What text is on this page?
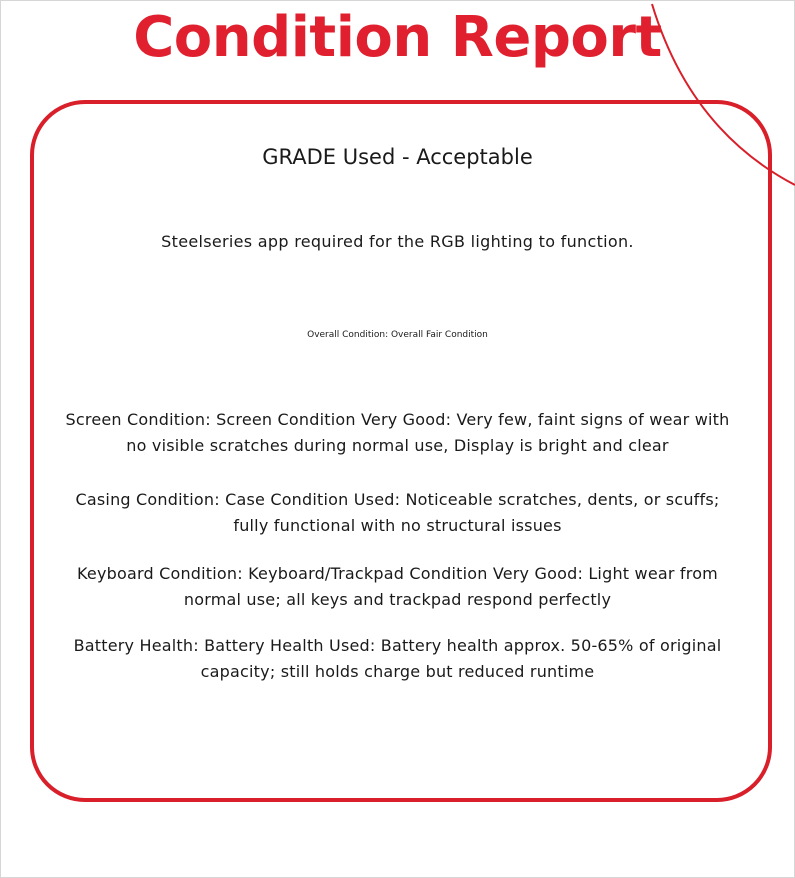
Condition Report
GRADE Used - Acceptable
Steelseries app required for the RGB lighting to function.
Overall Condition: Overall Fair Condition
Screen Condition: Screen Condition Very Good: Very few, faint signs of wear with no visible scratches during normal use, Display is bright and clear
Casing Condition: Case Condition Used: Noticeable scratches, dents, or scuffs; fully functional with no structural issues
Keyboard Condition: Keyboard/Trackpad Condition Very Good: Light wear from normal use; all keys and trackpad respond perfectly
Battery Health: Battery Health Used: Battery health approx. 50-65% of original capacity; still holds charge but reduced runtime
